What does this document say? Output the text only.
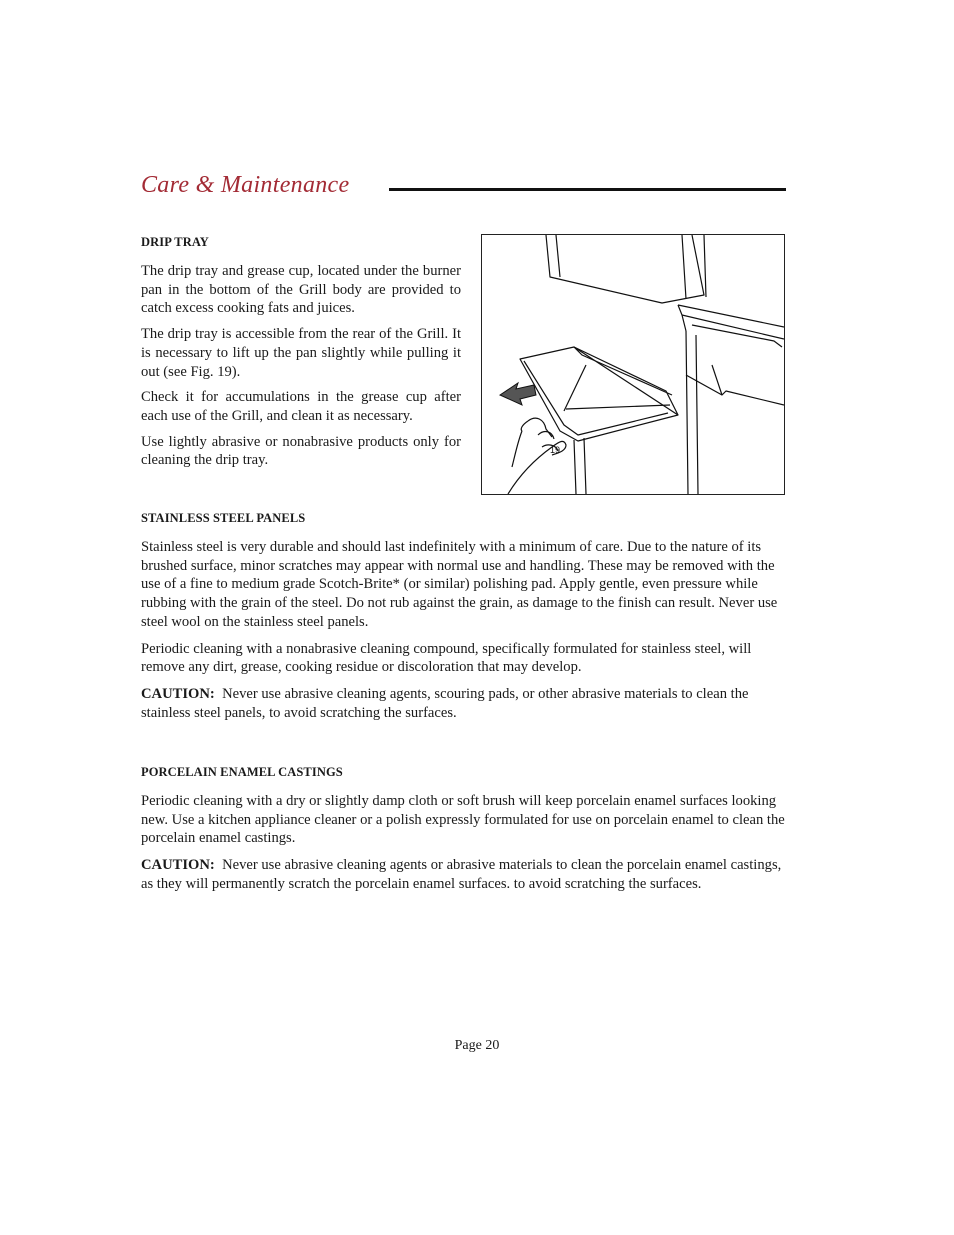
Care & Maintenance
DRIP TRAY

The drip tray and grease cup, located under the burner pan in the bottom of the Grill body are provided to catch excess cooking fats and juices.

The drip tray is accessible from the rear of the Grill. It is necessary to lift up the pan slightly while pulling it out (see Fig. 19).

Check it for accumulations in the grease cup after each use of the Grill, and clean it as necessary.

Use lightly abrasive or nonabrasive products only for cleaning the drip tray.

19
STAINLESS STEEL PANELS

Stainless steel is very durable and should last indefinitely with a minimum of care. Due to the nature of its brushed surface, minor scratches may appear with normal use and handling. These may be removed with the use of a fine to medium grade Scotch-Brite* (or similar) polishing pad. Apply gentle, even pressure while rubbing with the grain of the steel. Do not rub against the grain, as damage to the finish can result. Never use steel wool on the stainless steel panels.

Periodic cleaning with a nonabrasive cleaning compound, specifically formulated for stainless steel, will remove any dirt, grease, cooking residue or discoloration that may develop.

CAUTION: Never use abrasive cleaning agents, scouring pads, or other abrasive materials to clean the stainless steel panels, to avoid scratching the surfaces.

PORCELAIN ENAMEL CASTINGS

Periodic cleaning with a dry or slightly damp cloth or soft brush will keep porcelain enamel surfaces looking new. Use a kitchen appliance cleaner or a polish expressly formulated for use on porcelain enamel to clean the porcelain enamel castings.

CAUTION: Never use abrasive cleaning agents or abrasive materials to clean the porcelain enamel castings, as they will permanently scratch the porcelain enamel surfaces. to avoid scratching the surfaces.

Page 20
